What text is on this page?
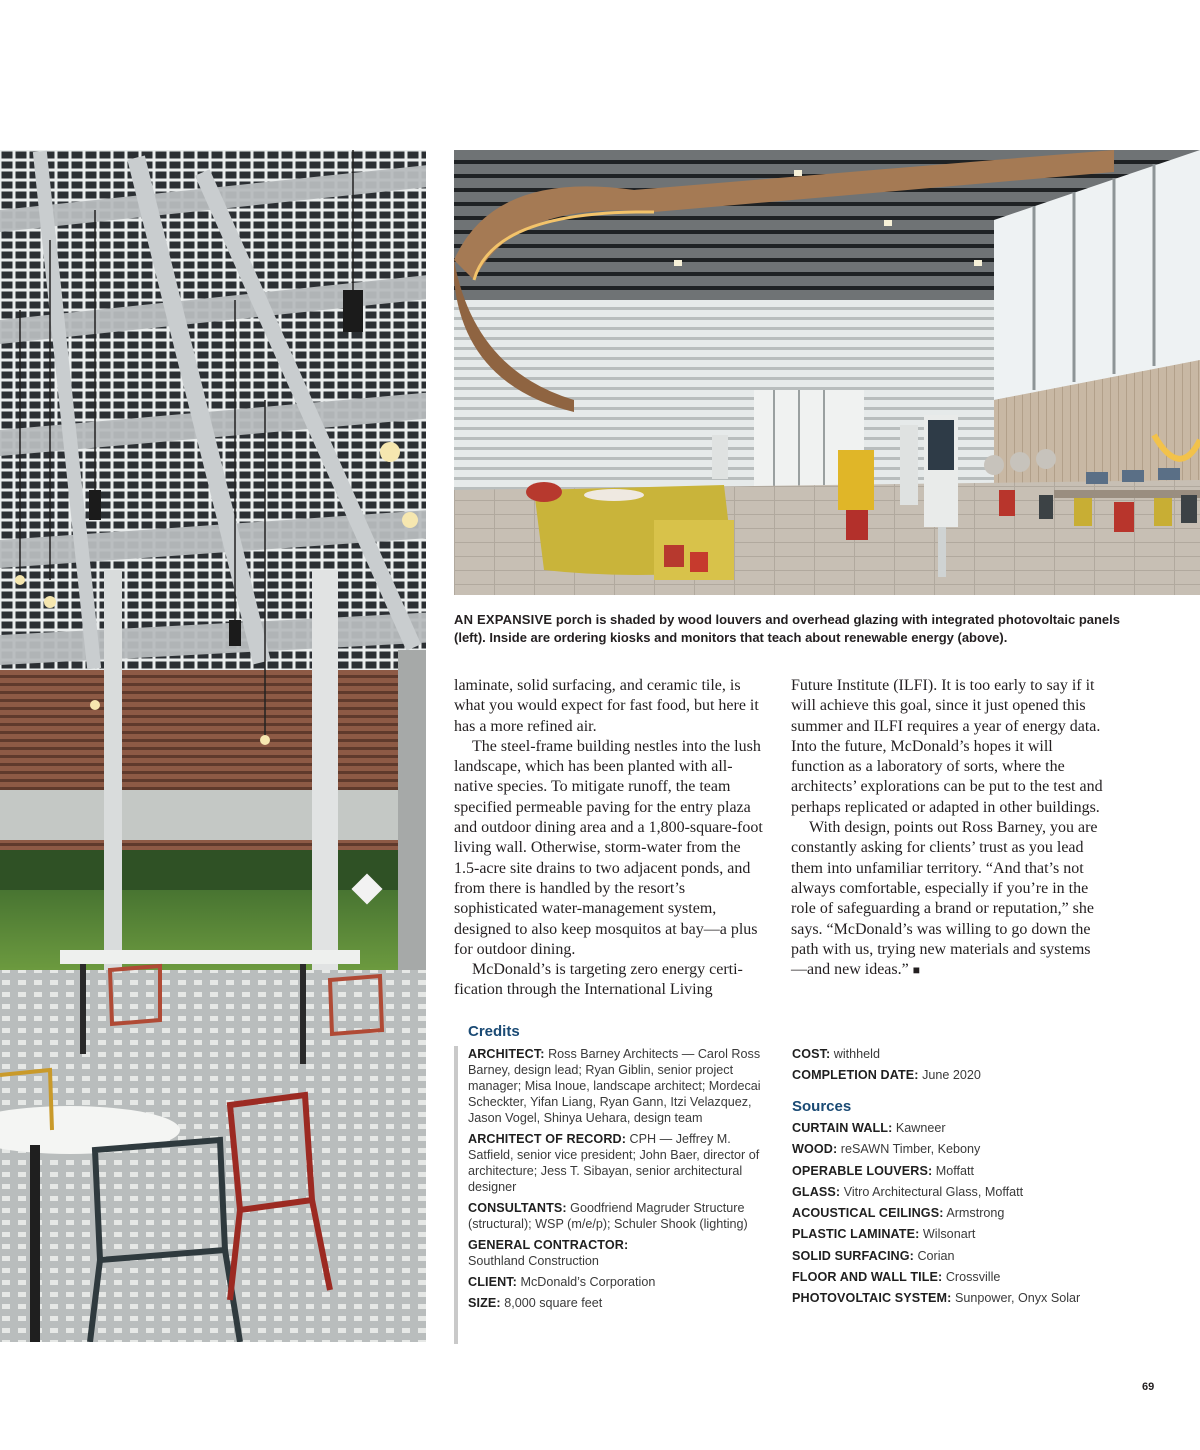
AN EXPANSIVE porch is shaded by wood louvers and overhead glazing with integrated photovoltaic panels (left). Inside are ordering kiosks and monitors that teach about renewable energy (above).

laminate, solid surfacing, and ceramic tile, is what you would expect for fast food, but here it has a more refined air.

The steel-frame building nestles into the lush landscape, which has been planted with all-native species. To mitigate runoff, the team specified permeable paving for the entry plaza and outdoor dining area and a 1,800-square-foot living wall. Otherwise, storm-water from the 1.5-acre site drains to two adjacent ponds, and from there is handled by the resort’s sophisticated water-management system, designed to also keep mosquitos at bay—a plus for outdoor dining.

McDonald’s is targeting zero energy certi-fication through the International Living

Future Institute (ILFI). It is too early to say if it will achieve this goal, since it just opened this summer and ILFI requires a year of energy data. Into the future, McDonald’s hopes it will function as a laboratory of sorts, where the architects’ explorations can be put to the test and perhaps replicated or adapted in other buildings.

With design, points out Ross Barney, you are constantly asking for clients’ trust as you lead them into unfamiliar territory. “And that’s not always comfortable, especially if you’re in the role of safeguarding a brand or reputation,” she says. “McDonald’s was willing to go down the path with us, trying new materials and systems—and new ideas.” ■

Credits

ARCHITECT: Ross Barney Architects — Carol Ross Barney, design lead; Ryan Giblin, senior project manager; Misa Inoue, landscape architect; Mordecai Scheckter, Yifan Liang, Ryan Gann, Itzi Velazquez, Jason Vogel, Shinya Uehara, design team

ARCHITECT OF RECORD: CPH — Jeffrey M. Satfield, senior vice president; John Baer, director of architecture; Jess T. Sibayan, senior architectural designer

CONSULTANTS: Goodfriend Magruder Structure (structural); WSP (m/e/p); Schuler Shook (lighting)

GENERAL CONTRACTOR:
Southland Construction

CLIENT: McDonald’s Corporation

SIZE: 8,000 square feet

COST: withheld

COMPLETION DATE: June 2020

Sources

CURTAIN WALL: Kawneer

WOOD: reSAWN Timber, Kebony

OPERABLE LOUVERS: Moffatt

GLASS: Vitro Architectural Glass, Moffatt

ACOUSTICAL CEILINGS: Armstrong

PLASTIC LAMINATE: Wilsonart

SOLID SURFACING: Corian

FLOOR AND WALL TILE: Crossville

PHOTOVOLTAIC SYSTEM: Sunpower, Onyx Solar

69
